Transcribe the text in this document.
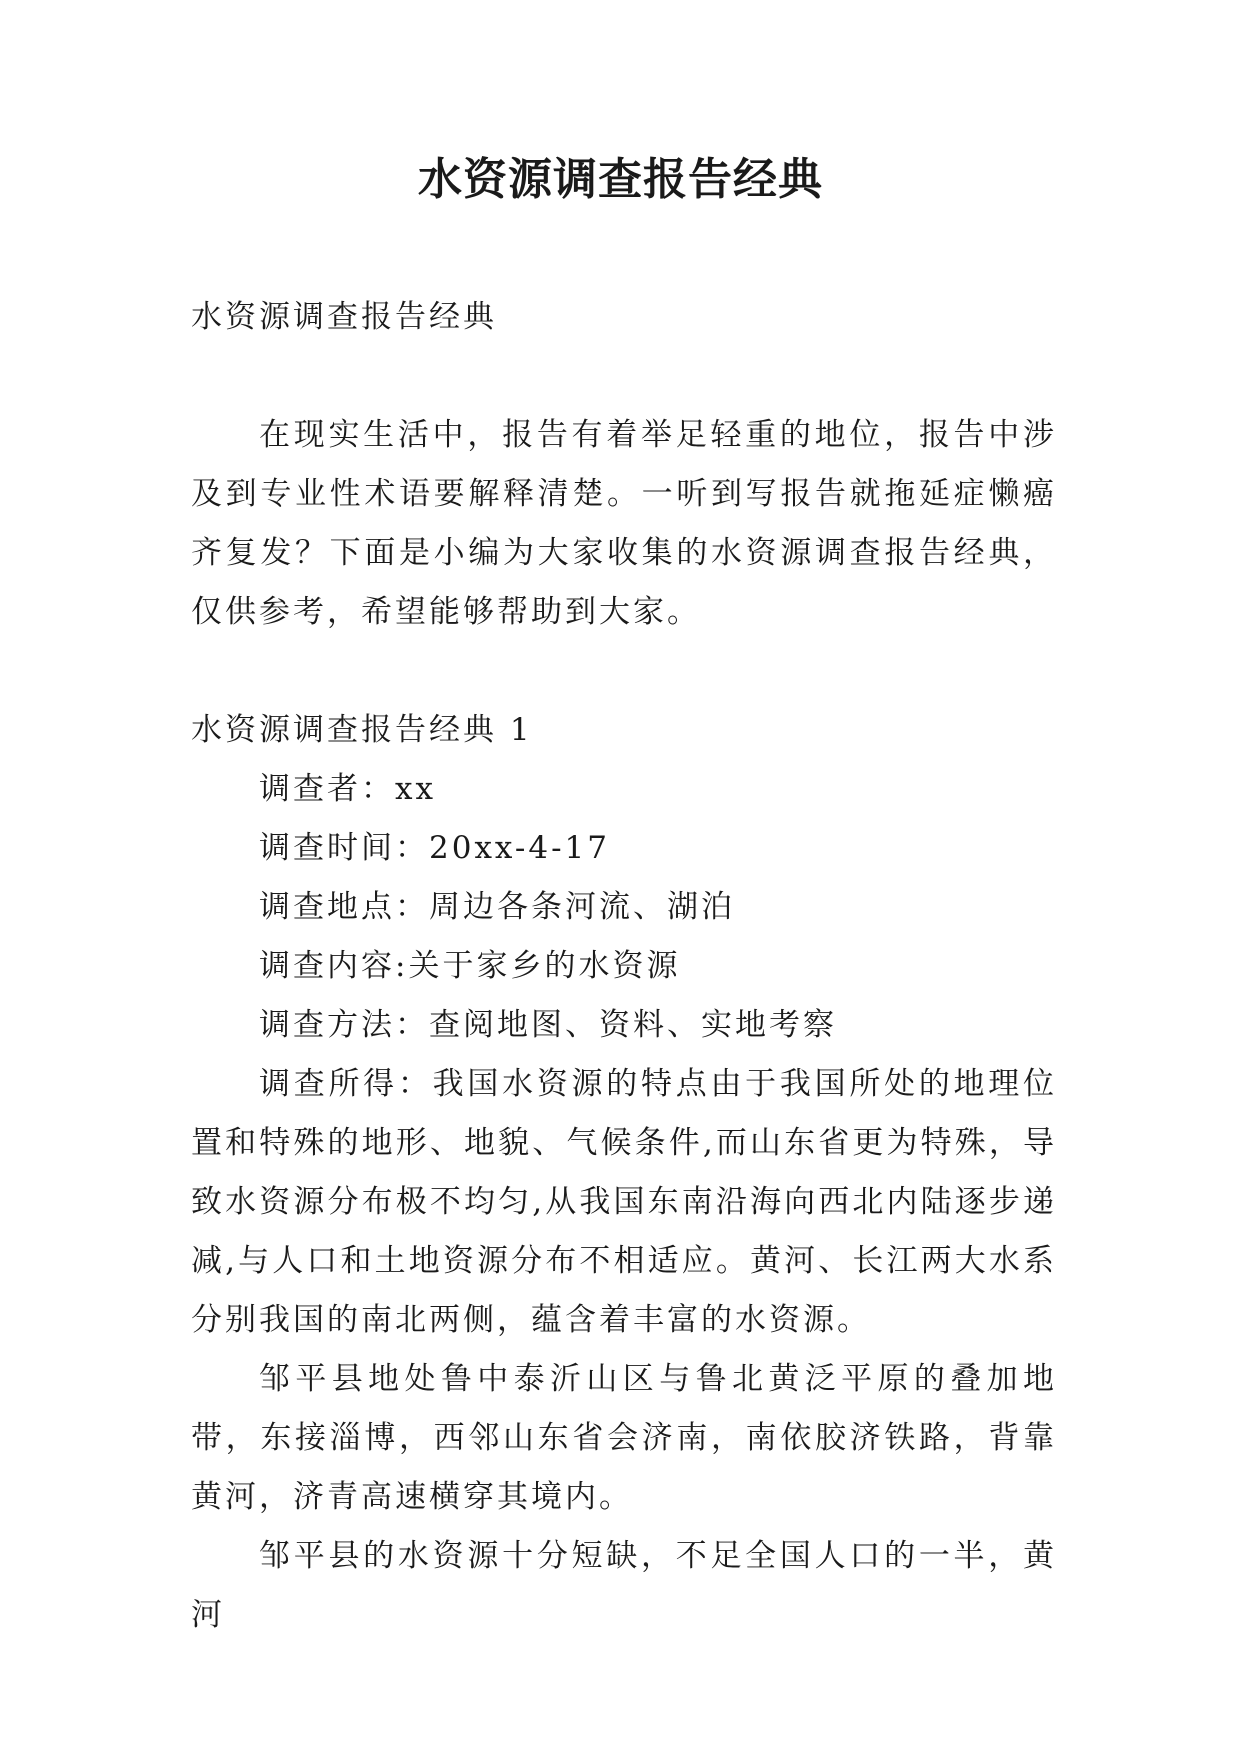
水资源调查报告经典

水资源调查报告经典

在现实生活中，报告有着举足轻重的地位，报告中涉及到专业性术语要解释清楚。一听到写报告就拖延症懒癌齐复发？下面是小编为大家收集的水资源调查报告经典，仅供参考，希望能够帮助到大家。

水资源调查报告经典 1

调查者：xx

调查时间：20xx-4-17

调查地点：周边各条河流、湖泊

调查内容:关于家乡的水资源

调查方法：查阅地图、资料、实地考察

调查所得：我国水资源的特点由于我国所处的地理位置和特殊的地形、地貌、气候条件,而山东省更为特殊，导致水资源分布极不均匀,从我国东南沿海向西北内陆逐步递减,与人口和土地资源分布不相适应。黄河、长江两大水系分别我国的南北两侧，蕴含着丰富的水资源。

邹平县地处鲁中泰沂山区与鲁北黄泛平原的叠加地带，东接淄博，西邻山东省会济南，南依胶济铁路，背靠黄河，济青高速横穿其境内。

邹平县的水资源十分短缺，不足全国人口的一半，黄河
